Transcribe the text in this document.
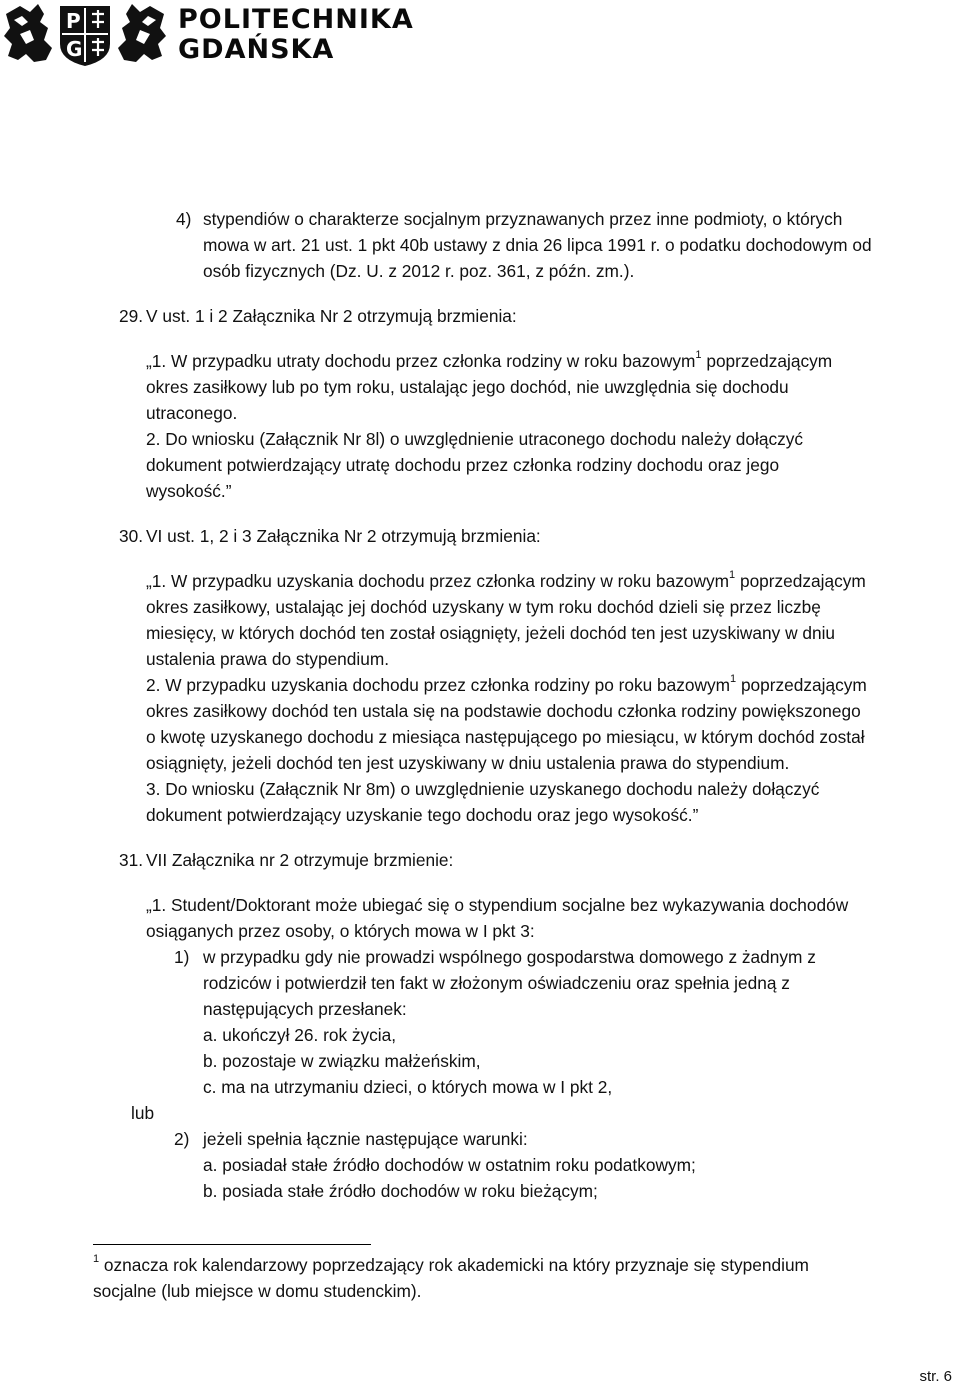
P
G
POLITECHNIKA
GDAŃSKA
4) stypendiów o charakterze socjalnym przyznawanych przez inne podmioty, o których
mowa w art. 21 ust. 1 pkt 40b ustawy z dnia 26 lipca 1991 r. o podatku dochodowym od
osób fizycznych (Dz. U. z 2012 r. poz. 361, z późn. zm.).
29. V ust. 1 i 2 Załącznika Nr 2 otrzymują brzmienia:
„1. W przypadku utraty dochodu przez członka rodziny w roku bazowym$^1$ poprzedzającym
okres zasiłkowy lub po tym roku, ustalając jego dochód, nie uwzględnia się dochodu
utraconego.
2. Do wniosku (Załącznik Nr 8l) o uwzględnienie utraconego dochodu należy dołączyć
dokument potwierdzający utratę dochodu przez członka rodziny dochodu oraz jego
wysokość.”
30. VI ust. 1, 2 i 3 Załącznika Nr 2 otrzymują brzmienia:
„1. W przypadku uzyskania dochodu przez członka rodziny w roku bazowym$^1$ poprzedzającym
okres zasiłkowy, ustalając jej dochód uzyskany w tym roku dochód dzieli się przez liczbę
miesięcy, w których dochód ten został osiągnięty, jeżeli dochód ten jest uzyskiwany w dniu
ustalenia prawa do stypendium.
2. W przypadku uzyskania dochodu przez członka rodziny po roku bazowym$^1$ poprzedzającym
okres zasiłkowy dochód ten ustala się na podstawie dochodu członka rodziny powiększonego
o kwotę uzyskanego dochodu z miesiąca następującego po miesiącu, w którym dochód został
osiągnięty, jeżeli dochód ten jest uzyskiwany w dniu ustalenia prawa do stypendium.
3. Do wniosku (Załącznik Nr 8m) o uwzględnienie uzyskanego dochodu należy dołączyć
dokument potwierdzający uzyskanie tego dochodu oraz jego wysokość.”
31. VII Załącznika nr 2 otrzymuje brzmienie:
„1. Student/Doktorant może ubiegać się o stypendium socjalne bez wykazywania dochodów
osiąganych przez osoby, o których mowa w I pkt 3:
1) w przypadku gdy nie prowadzi wspólnego gospodarstwa domowego z żadnym z
rodziców i potwierdził ten fakt w złożonym oświadczeniu oraz spełnia jedną z
następujących przesłanek:
a. ukończył 26. rok życia,
b. pozostaje w związku małżeńskim,
c. ma na utrzymaniu dzieci, o których mowa w I pkt 2,
lub
2) jeżeli spełnia łącznie następujące warunki:
a. posiadał stałe źródło dochodów w ostatnim roku podatkowym;
b. posiada stałe źródło dochodów w roku bieżącym;
$^1$ oznacza rok kalendarzowy poprzedzający rok akademicki na który przyznaje się stypendium
socjalne (lub miejsce w domu studenckim).
str. 6
